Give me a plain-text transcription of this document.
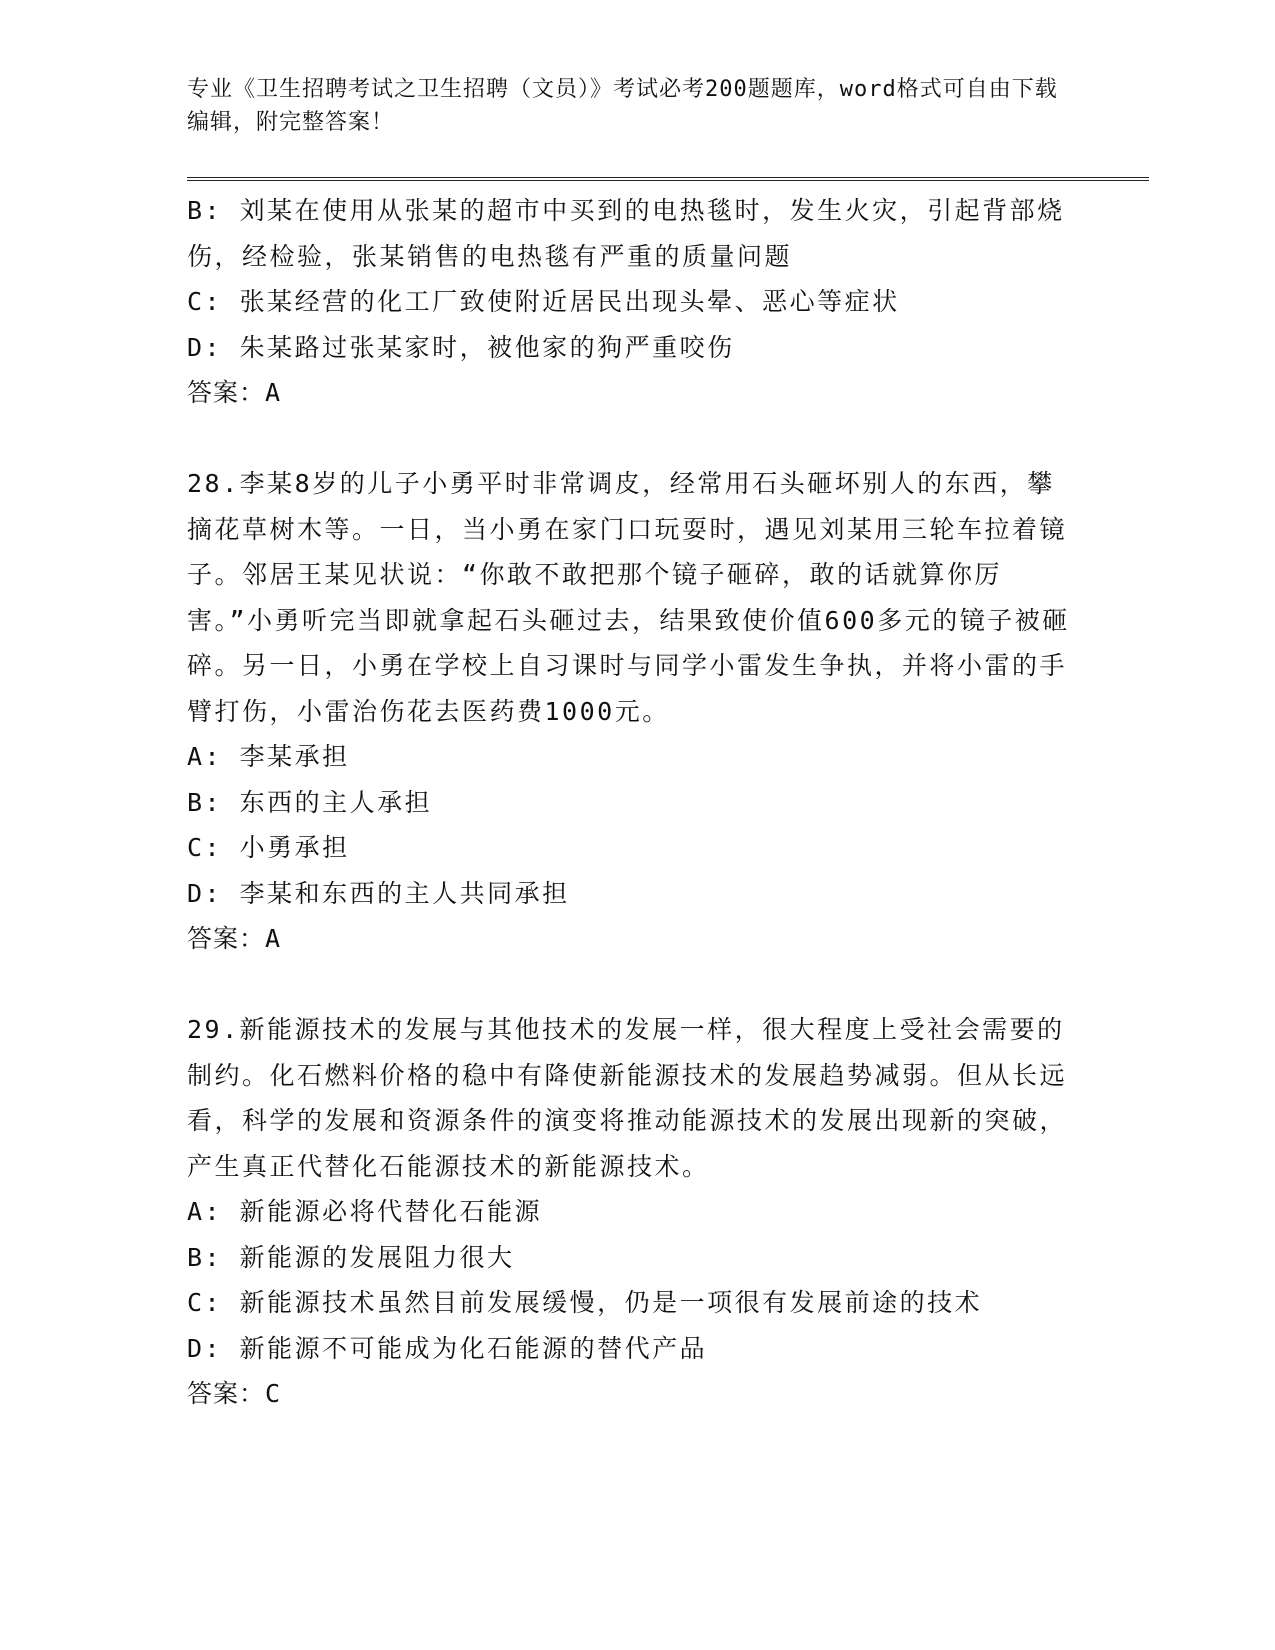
专业《卫生招聘考试之卫生招聘（文员）》考试必考200题题库，word格式可自由下载编辑，附完整答案！

B: 刘某在使用从张某的超市中买到的电热毯时，发生火灾，引起背部烧伤，经检验，张某销售的电热毯有严重的质量问题

C: 张某经营的化工厂致使附近居民出现头晕、恶心等症状

D: 朱某路过张某家时，被他家的狗严重咬伤

答案：A

28.李某8岁的儿子小勇平时非常调皮，经常用石头砸坏别人的东西，攀摘花草树木等。一日，当小勇在家门口玩耍时，遇见刘某用三轮车拉着镜子。邻居王某见状说：“你敢不敢把那个镜子砸碎，敢的话就算你厉害。”小勇听完当即就拿起石头砸过去，结果致使价值600多元的镜子被砸碎。另一日，小勇在学校上自习课时与同学小雷发生争执，并将小雷的手臂打伤，小雷治伤花去医药费1000元。

A: 李某承担

B: 东西的主人承担

C: 小勇承担

D: 李某和东西的主人共同承担

答案：A

29.新能源技术的发展与其他技术的发展一样，很大程度上受社会需要的制约。化石燃料价格的稳中有降使新能源技术的发展趋势减弱。但从长远看，科学的发展和资源条件的演变将推动能源技术的发展出现新的突破，产生真正代替化石能源技术的新能源技术。

A: 新能源必将代替化石能源

B: 新能源的发展阻力很大

C: 新能源技术虽然目前发展缓慢，仍是一项很有发展前途的技术

D: 新能源不可能成为化石能源的替代产品

答案：C
